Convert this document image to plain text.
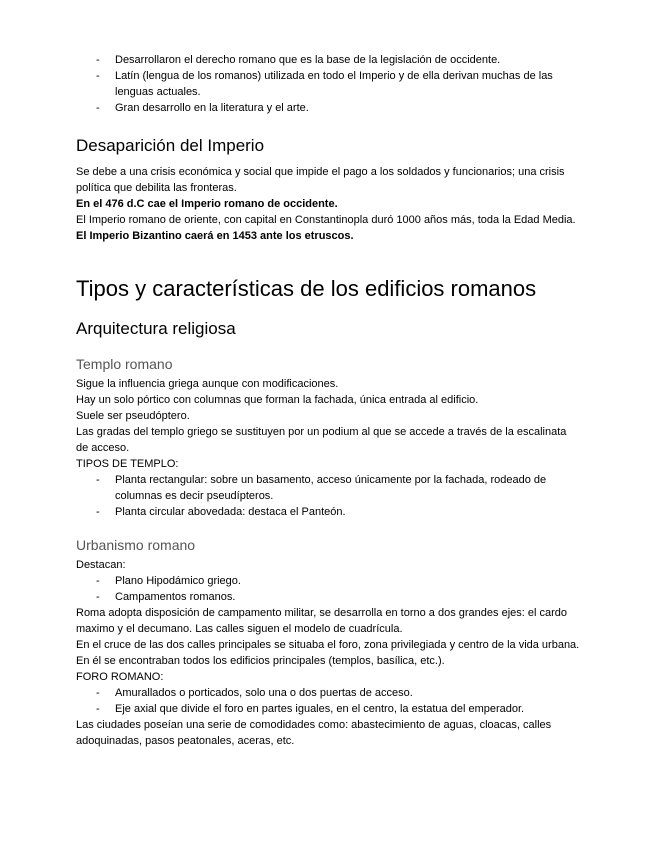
- Desarrollaron el derecho romano que es la base de la legislación de occidente.
- Latín (lengua de los romanos) utilizada en todo el Imperio y de ella derivan muchas de las lenguas actuales.
- Gran desarrollo en la literatura y el arte.
Desaparición del Imperio

Se debe a una crisis económica y social que impide el pago a los soldados y funcionarios; una crisis política que debilita las fronteras.

En el 476 d.C cae el Imperio romano de occidente.

El Imperio romano de oriente, con capital en Constantinopla duró 1000 años más, toda la Edad Media.

El Imperio Bizantino caerá en 1453 ante los etruscos.

Tipos y características de los edificios romanos
Arquitectura religiosa
Templo romano

Sigue la influencia griega aunque con modificaciones.

Hay un solo pórtico con columnas que forman la fachada, única entrada al edificio.

Suele ser pseudóptero.

Las gradas del templo griego se sustituyen por un podium al que se accede a través de la escalinata de acceso.

TIPOS DE TEMPLO:

- Planta rectangular: sobre un basamento, acceso únicamente por la fachada, rodeado de columnas es decir pseudípteros.
- Planta circular abovedada: destaca el Panteón.
Urbanismo romano

Destacan:

- Plano Hipodámico griego.
- Campamentos romanos.

Roma adopta disposición de campamento militar, se desarrolla en torno a dos grandes ejes: el cardo maximo y el decumano. Las calles siguen el modelo de cuadrícula.

En el cruce de las dos calles principales se situaba el foro, zona privilegiada y centro de la vida urbana. En él se encontraban todos los edificios principales (templos, basílica, etc.).

FORO ROMANO:

- Amurallados o porticados, solo una o dos puertas de acceso.
- Eje axial que divide el foro en partes iguales, en el centro, la estatua del emperador.

Las ciudades poseían una serie de comodidades como: abastecimiento de aguas, cloacas, calles adoquinadas, pasos peatonales, aceras, etc.
